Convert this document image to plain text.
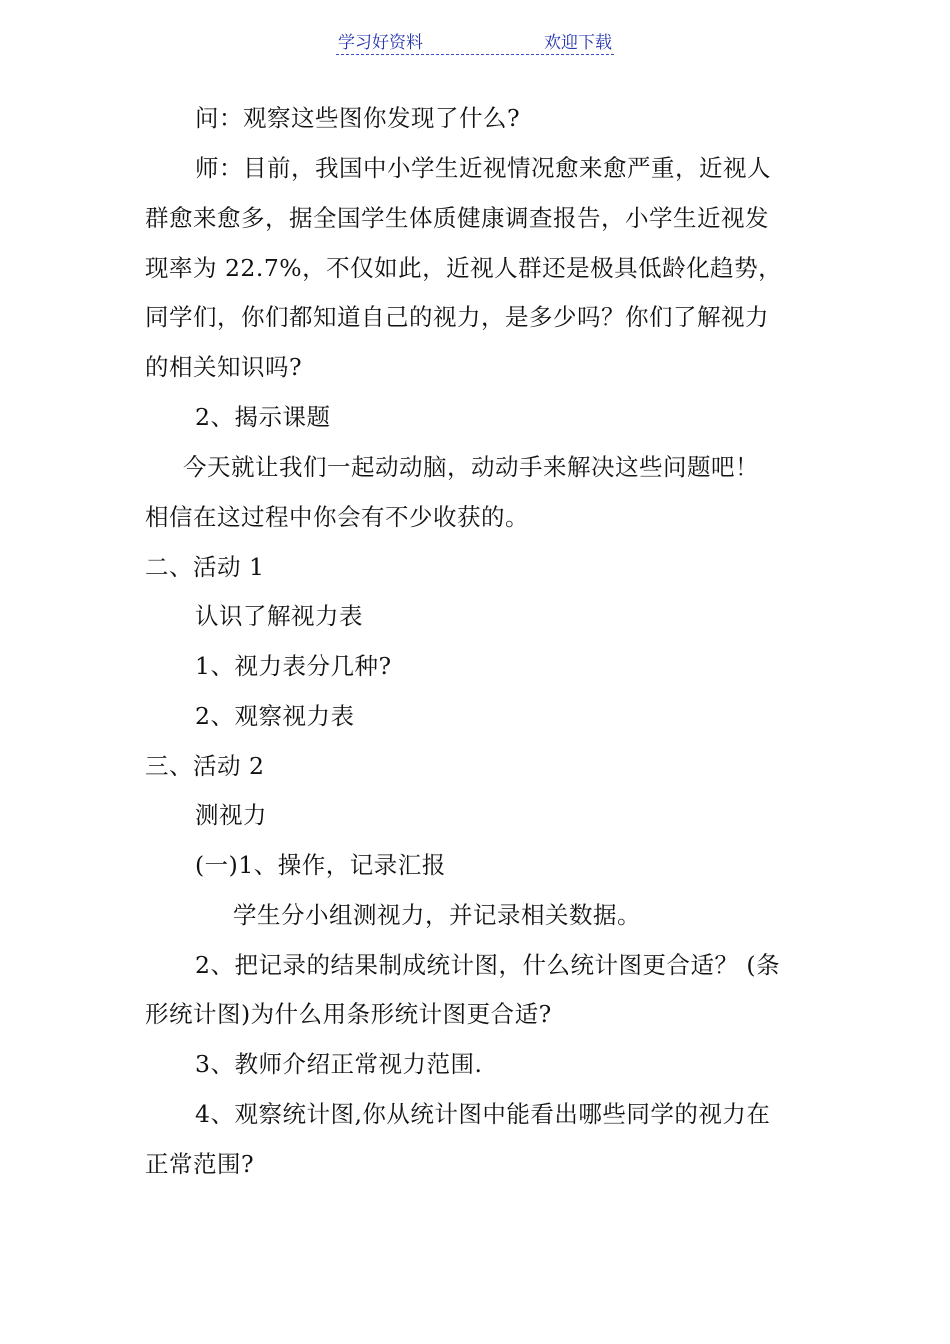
学习好资料	欢迎下载
问：观察这些图你发现了什么?
师：目前，我国中小学生近视情况愈来愈严重，近视人
群愈来愈多，据全国学生体质健康调查报告，小学生近视发
现率为 22.7%，不仅如此，近视人群还是极具低龄化趋势，
同学们，你们都知道自己的视力，是多少吗？你们了解视力
的相关知识吗?
2、揭示课题
今天就让我们一起动动脑，动动手来解决这些问题吧！
相信在这过程中你会有不少收获的。
二、活动 1
认识了解视力表
1、视力表分几种?
2、观察视力表
三、活动 2
测视力
(一)1、操作，记录汇报
学生分小组测视力，并记录相关数据。
2、把记录的结果制成统计图，什么统计图更合适？ (条
形统计图)为什么用条形统计图更合适?
3、教师介绍正常视力范围.
4、观察统计图,你从统计图中能看出哪些同学的视力在
正常范围?
